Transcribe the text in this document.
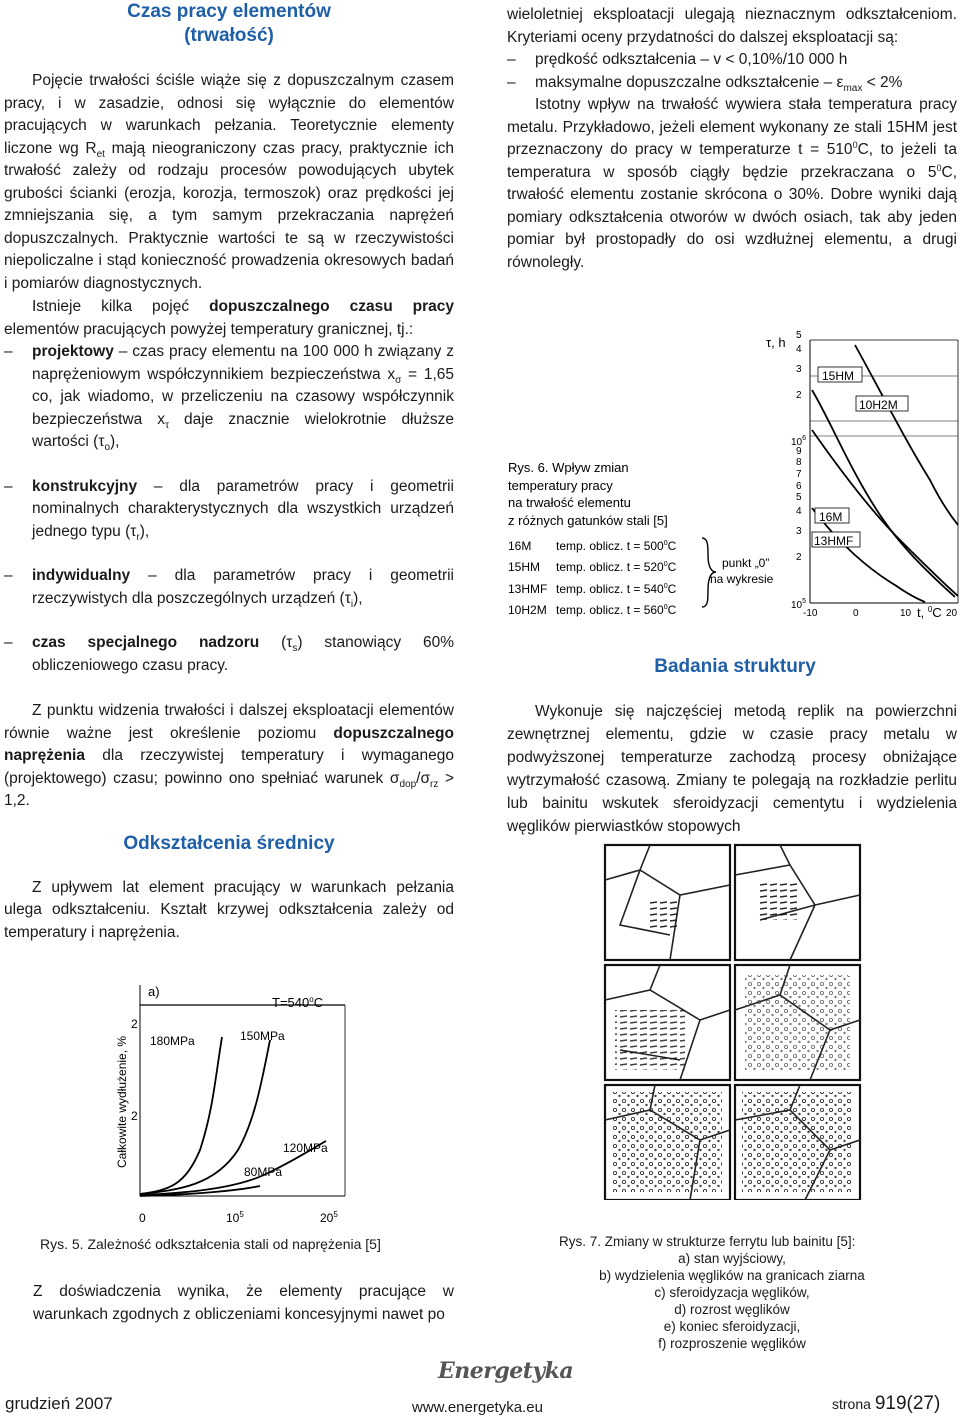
Czas pracy elementów
(trwałość)

Pojęcie trwałości ściśle wiąże się z dopuszczalnym czasem pracy, i w zasadzie, odnosi się wyłącznie do elementów pracujących w warunkach pełzania. Teoretycznie elementy liczone wg $R_{et}$ mają nieograniczony czas pracy, praktycznie ich trwałość zależy od rodzaju procesów powodujących ubytek grubości ścianki (erozja, korozja, termoszok) oraz prędkości jej zmniejszania się, a tym samym przekraczania naprężeń dopuszczalnych. Praktycznie wartości te są w rzeczywistości niepoliczalne i stąd konieczność prowadzenia okresowych badań i pomiarów diagnostycznych.

Istnieje kilka pojęć dopuszczalnego czasu pracy elementów pracujących powyżej temperatury granicznej, tj.:

–	projektowy – czas pracy elementu na 100 000 h związany z naprężeniowym współczynnikiem bezpieczeństwa $x_\sigma = 1,65$ co, jak wiadomo, w przeliczeniu na czasowy współczynnik bezpieczeństwa $x_\tau$ daje znacznie wielokrotnie dłuższe wartości $(\tau_o)$,
–	konstrukcyjny – dla parametrów pracy i geometrii nominalnych charakterystycznych dla wszystkich urządzeń jednego typu $(\tau_r)$,
–	indywidualny – dla parametrów pracy i geometrii rzeczywistych dla poszczególnych urządzeń $(\tau_i)$,
–	czas specjalnego nadzoru $(\tau_s)$ stanowiący 60% obliczeniowego czasu pracy.

Z punktu widzenia trwałości i dalszej eksploatacji elementów równie ważne jest określenie poziomu dopuszczalnego naprężenia dla rzeczywistej temperatury i wymaganego (projektowego) czasu; powinno ono spełniać warunek $\sigma_{dop}/\sigma_{rz} > 1,2$.

Odkształcenia średnicy

Z upływem lat element pracujący w warunkach pełzania ulega odkształceniu. Kształt krzywej odkształcenia zależy od temperatury i naprężenia.

Całkowite wydłużenie, %
2
2
a)
$T=540^oC$
180MPa	150MPa
120MPa
80MPa
0	$10^5$	$20^5$
Rys. 5. Zależność odkształcenia stali od naprężenia [5]

Z doświadczenia wynika, że elementy pracujące w warunkach zgodnych z obliczeniami koncesyjnymi nawet po

wieloletniej eksploatacji ulegają nieznacznym odkształceniom. Kryteriami oceny przydatności do dalszej eksploatacji są:

–	prędkość odkształcenia – v < 0,10%/10 000 h
–	maksymalne dopuszczalne odkształcenie – $\varepsilon_{max} < 2\%$

Istotny wpływ na trwałość wywiera stała temperatura pracy metalu. Przykładowo, jeżeli element wykonany ze stali 15HM jest przeznaczony do pracy w temperaturze $t = 510^0C$, to jeżeli ta temperatura w sposób ciągły będzie przekraczana o $5^0C$, trwałość elementu zostanie skrócona o 30%. Dobre wyniki dają pomiary odkształcenia otworów w dwóch osiach, tak aby jeden pomiar był prostopadły do osi wzdłużnej elementu, a drugi równoległy.

τ, h 5
4
3
2
$10^6$
9
8
7
6
5
4
3
2
$10^5$
-10	0	10	20
t, $^0$C
15HM
10H2M
16M
13HMF
Rys. 6. Wpływ zmian
temperatury pracy
na trwałość elementu
z różnych gatunków stali [5]
16M temp. oblicz. $t = 500^0C$
15HM temp. oblicz. $t = 520^0C$
13HMF temp. oblicz. $t = 540^0C$
10H2M temp. oblicz. $t = 560^0C$
punkt „0”
na wykresie
Badania struktury

Wykonuje się najczęściej metodą replik na powierzchni zewnętrznej elementu, gdzie w czasie pracy metalu w podwyższonej temperaturze zachodzą procesy obniżające wytrzymałość czasową. Zmiany te polegają na rozkładzie perlitu lub bainitu wskutek sferoidyzacji cementytu i wydzielenia węglików pierwiastków stopowych

Rys. 7. Zmiany w strukturze ferrytu lub bainitu [5]:
a) stan wyjściowy,
b) wydzielenia węglików na granicach ziarna
c) sferoidyzacja węglików,
d) rozrost węglików
e) koniec sferoidyzacji,
f) rozproszenie węglików
grudzień 2007
Energetyka
www.energetyka.eu	strona 919(27)
